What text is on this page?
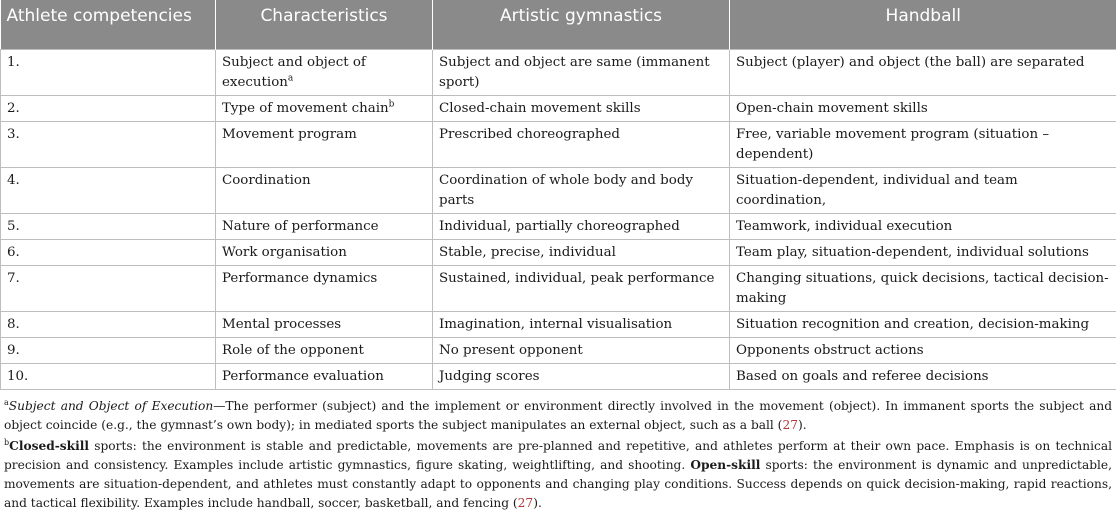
Athlete competencies	Characteristics	Artistic gymnastics	Handball
1.	Subject and object of execution$^a$	Subject and object are same (immanent sport)	Subject (player) and object (the ball) are separated
2.	Type of movement chain$^b$	Closed-chain movement skills	Open-chain movement skills
3.	Movement program	Prescribed choreographed	Free, variable movement program (situation –dependent)
4.	Coordination	Coordination of whole body and body parts	Situation-dependent, individual and team coordination,
5.	Nature of performance	Individual, partially choreographed	Teamwork, individual execution
6.	Work organisation	Stable, precise, individual	Team play, situation-dependent, individual solutions
7.	Performance dynamics	Sustained, individual, peak performance	Changing situations, quick decisions, tactical decision-making
8.	Mental processes	Imagination, internal visualisation	Situation recognition and creation, decision-making
9.	Role of the opponent	No present opponent	Opponents obstruct actions
10.	Performance evaluation	Judging scores	Based on goals and referee decisions

$^a$Subject and Object of Execution—The performer (subject) and the implement or environment directly involved in the movement (object). In immanent sports the subject and object coincide (e.g., the gymnast’s own body); in mediated sports the subject manipulates an external object, such as a ball (27).

$^b$Closed-skill sports: the environment is stable and predictable, movements are pre-planned and repetitive, and athletes perform at their own pace. Emphasis is on technical precision and consistency. Examples include artistic gymnastics, figure skating, weightlifting, and shooting. Open-skill sports: the environment is dynamic and unpredictable, movements are situation-dependent, and athletes must constantly adapt to opponents and changing play conditions. Success depends on quick decision-making, rapid reactions, and tactical flexibility. Examples include handball, soccer, basketball, and fencing (27).
